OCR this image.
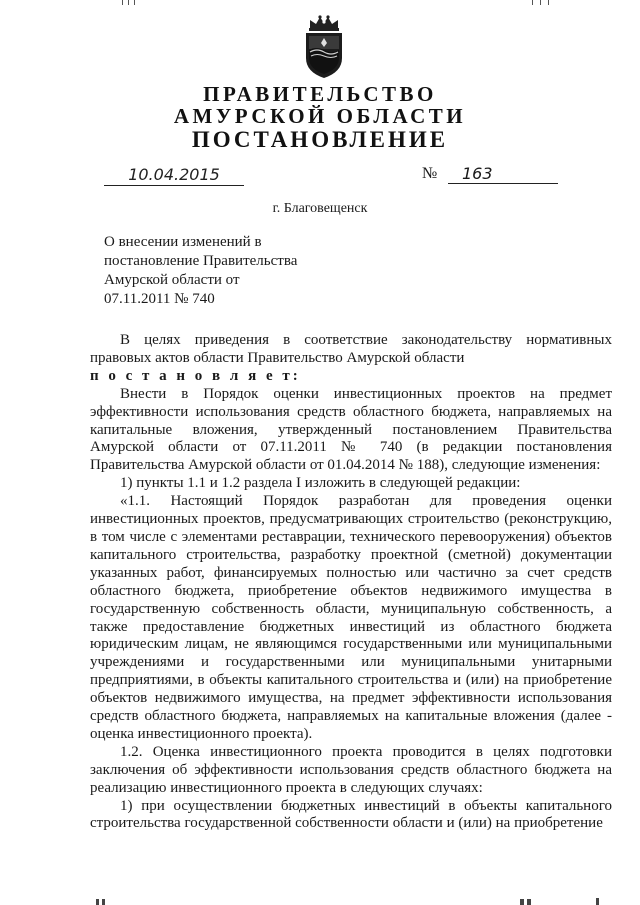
ПРАВИТЕЛЬСТВО
АМУРСКОЙ ОБЛАСТИ
ПОСТАНОВЛЕНИЕ
10.04.2015	№	163
г. Благовещенск
О внесении изменений в
постановление Правительства
Амурской области от
07.11.2011 № 740

В целях приведения в соответствие законодательству нормативных правовых актов области Правительство Амурской области

п о с т а н о в л я е т:

Внести в Порядок оценки инвестиционных проектов на предмет эффективности использования средств областного бюджета, направляемых на капитальные вложения, утвержденный постановлением Правительства Амурской области от 07.11.2011 № 740 (в редакции постановления Правительства Амурской области от 01.04.2014 № 188), следующие изменения:

1) пункты 1.1 и 1.2 раздела I изложить в следующей редакции:

«1.1. Настоящий Порядок разработан для проведения оценки инвестиционных проектов, предусматривающих строительство (реконструкцию, в том числе с элементами реставрации, технического перевооружения) объектов капитального строительства, разработку проектной (сметной) документации указанных работ, финансируемых полностью или частично за счет средств областного бюджета, приобретение объектов недвижимого имущества в государственную собственность области, муниципальную собственность, а также предоставление бюджетных инвестиций из областного бюджета юридическим лицам, не являющимся государственными или муниципальными учреждениями и государственными или муниципальными унитарными предприятиями, в объекты капитального строительства и (или) на приобретение объектов недвижимого имущества, на предмет эффективности использования средств областного бюджета, направляемых на капитальные вложения (далее - оценка инвестиционного проекта).

1.2. Оценка инвестиционного проекта проводится в целях подготовки заключения об эффективности использования средств областного бюджета на реализацию инвестиционного проекта в следующих случаях:

1) при осуществлении бюджетных инвестиций в объекты капитального строительства государственной собственности области и (или) на приобретение
